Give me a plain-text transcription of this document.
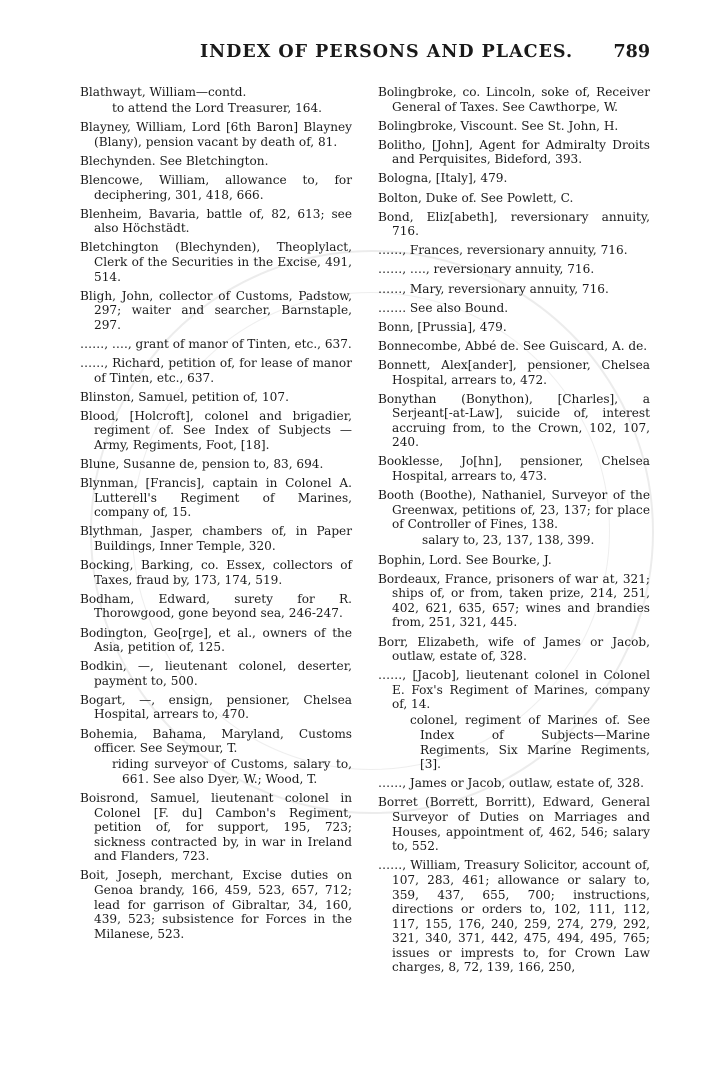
INDEX OF PERSONS AND PLACES. 789

Blathwayt, William—contd.

to attend the Lord Treasurer, 164.

Blayney, William, Lord [6th Baron] Blayney (Blany), pension vacant by death of, 81.

Blechynden. See Bletchington.

Blencowe, William, allowance to, for deciphering, 301, 418, 666.

Blenheim, Bavaria, battle of, 82, 613; see also Höchstädt.

Bletchington (Blechynden), Theoplylact, Clerk of the Securities in the Excise, 491, 514.

Bligh, John, collector of Customs, Padstow, 297; waiter and searcher, Barnstaple, 297.

……, …., grant of manor of Tinten, etc., 637.

……, Richard, petition of, for lease of manor of Tinten, etc., 637.

Blinston, Samuel, petition of, 107.

Blood, [Holcroft], colonel and brigadier, regiment of. See Index of Subjects —Army, Regiments, Foot, [18].

Blune, Susanne de, pension to, 83, 694.

Blynman, [Francis], captain in Colonel A. Lutterell's Regiment of Marines, company of, 15.

Blythman, Jasper, chambers of, in Paper Buildings, Inner Temple, 320.

Bocking, Barking, co. Essex, collectors of Taxes, fraud by, 173, 174, 519.

Bodham, Edward, surety for R. Thorowgood, gone beyond sea, 246-247.

Bodington, Geo[rge], et al., owners of the Asia, petition of, 125.

Bodkin, —, lieutenant colonel, deserter, payment to, 500.

Bogart, —, ensign, pensioner, Chelsea Hospital, arrears to, 470.

Bohemia, Bahama, Maryland, Customs officer. See Seymour, T.

riding surveyor of Customs, salary to, 661. See also Dyer, W.; Wood, T.

Boisrond, Samuel, lieutenant colonel in Colonel [F. du] Cambon's Regiment, petition of, for support, 195, 723; sickness contracted by, in war in Ireland and Flanders, 723.

Boit, Joseph, merchant, Excise duties on Genoa brandy, 166, 459, 523, 657, 712; lead for garrison of Gibraltar, 34, 160, 439, 523; subsistence for Forces in the Milanese, 523.

Bolingbroke, co. Lincoln, soke of, Receiver General of Taxes. See Cawthorpe, W.

Bolingbroke, Viscount. See St. John, H.

Bolitho, [John], Agent for Admiralty Droits and Perquisites, Bideford, 393.

Bologna, [Italy], 479.

Bolton, Duke of. See Powlett, C.

Bond, Eliz[abeth], reversionary annuity, 716.

……, Frances, reversionary annuity, 716.

……, …., reversionary annuity, 716.

……, Mary, reversionary annuity, 716.

……. See also Bound.

Bonn, [Prussia], 479.

Bonnecombe, Abbé de. See Guiscard, A. de.

Bonnett, Alex[ander], pensioner, Chelsea Hospital, arrears to, 472.

Bonythan (Bonython), [Charles], a Serjeant[-at-Law], suicide of, interest accruing from, to the Crown, 102, 107, 240.

Booklesse, Jo[hn], pensioner, Chelsea Hospital, arrears to, 473.

Booth (Boothe), Nathaniel, Surveyor of the Greenwax, petitions of, 23, 137; for place of Controller of Fines, 138.

salary to, 23, 137, 138, 399.

Bophin, Lord. See Bourke, J.

Bordeaux, France, prisoners of war at, 321; ships of, or from, taken prize, 214, 251, 402, 621, 635, 657; wines and brandies from, 251, 321, 445.

Borr, Elizabeth, wife of James or Jacob, outlaw, estate of, 328.

……, [Jacob], lieutenant colonel in Colonel E. Fox's Regiment of Marines, company of, 14.

colonel, regiment of Marines of. See Index of Subjects—Marine Regiments, Six Marine Regiments, [3].

……, James or Jacob, outlaw, estate of, 328.

Borret (Borrett, Borritt), Edward, General Surveyor of Duties on Marriages and Houses, appointment of, 462, 546; salary to, 552.

……, William, Treasury Solicitor, account of, 107, 283, 461; allowance or salary to, 359, 437, 655, 700; instructions, directions or orders to, 102, 111, 112, 117, 155, 176, 240, 259, 274, 279, 292, 321, 340, 371, 442, 475, 494, 495, 765; issues or imprests to, for Crown Law charges, 8, 72, 139, 166, 250,
